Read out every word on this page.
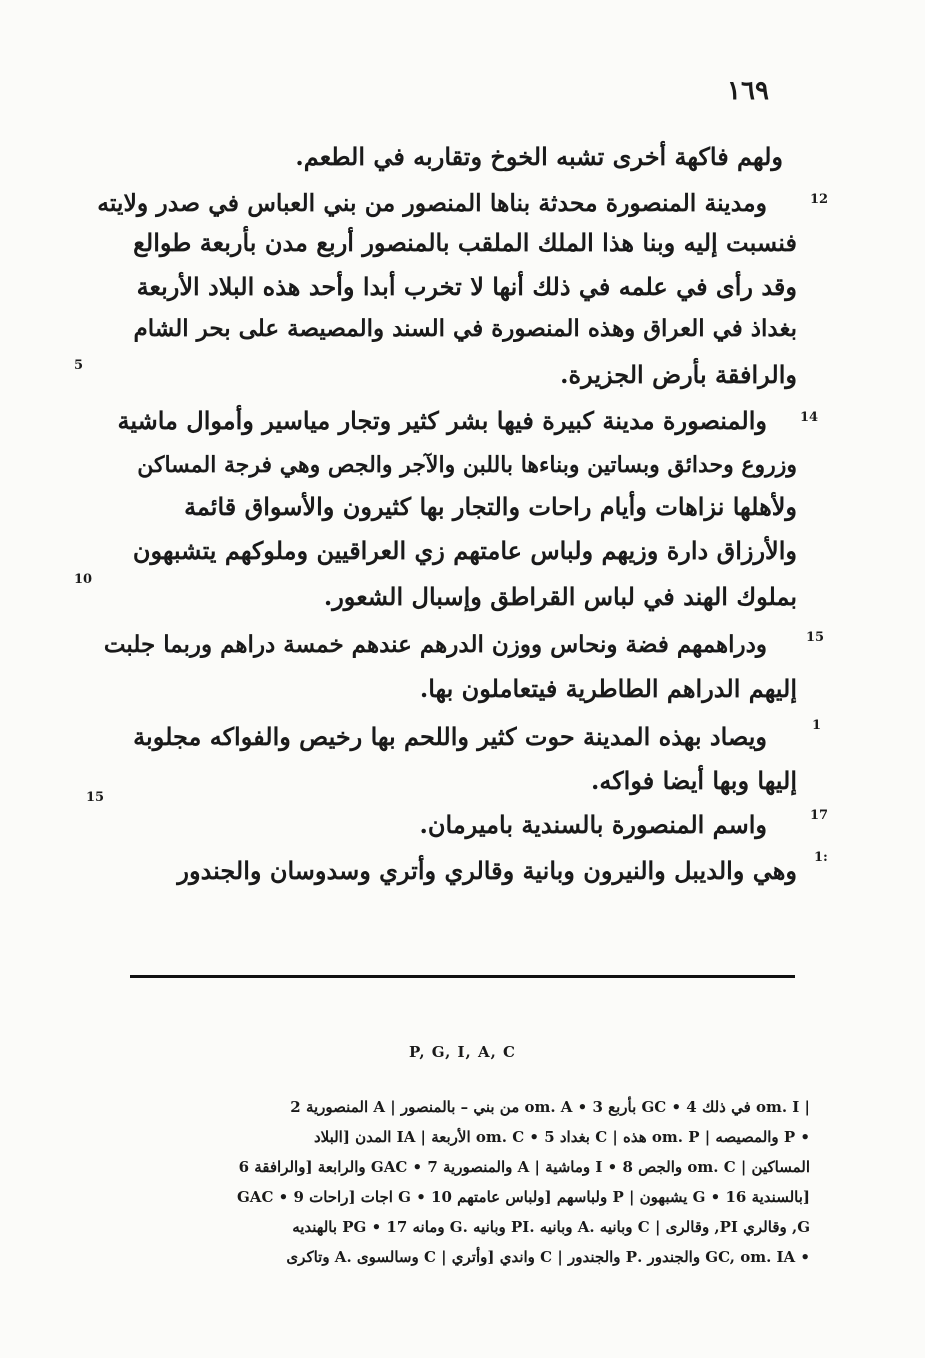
١٦٩
ولهم فاكهة أخرى تشبه الخوخ وتقاربه في الطعم.
ومدينة المنصورة محدثة بناها المنصور من بني العباس في صدر ولايته
فنسبت إليه وبنا هذا الملك الملقب بالمنصور أربع مدن بأربعة طوالع
وقد رأى في علمه في ذلك أنها لا تخرب أبدا وأحد هذه البلاد الأربعة
بغداذ في العراق وهذه المنصورة في السند والمصيصة على بحر الشام
والرافقة بأرض الجزيرة.
والمنصورة مدينة كبيرة فيها بشر كثير وتجار مياسير وأموال ماشية
وزروع وحدائق وبساتين وبناءها باللبن والآجر والجص وهي فرجة المساكن
ولأهلها نزاهات وأيام راحات والتجار بها كثيرون والأسواق قائمة
والأرزاق دارة وزيهم ولباس عامتهم زي العراقيين وملوكهم يتشبهون
بملوك الهند في لباس القراطق وإسبال الشعور.
ودراهمهم فضة ونحاس ووزن الدرهم عندهم خمسة دراهم وربما جلبت
إليهم الدراهم الطاطرية فيتعاملون بها.
ويصاد بهذه المدينة حوت كثير واللحم بها رخيص والفواكه مجلوبة
إليها وبها أيضا فواكه.
واسم المنصورة بالسندية باميرمان.
وهي والديبل والنيرون وبانية وقالري وأتري وسدوسان والجندور
12
5
14
10
15
1
15
17
1:
P, G, I, A, C
| om. I في ذلك 4 • GC بأربع 3 • om. A من بني – بالمنصور | A المنصورية 2
• P والمصيصه | om. P هذه | C بغداد 5 • om. C الأربعة | IA المدن [البلاد
المساكين | om. C والجص 8 • I وماشية | A والمنصورية 7 • GAC والرابعة [والرافقة 6
[بالسندية 16 • G يشبهون | P ولباسهم [ولباس عامتهم 10 • G اجات [راحات 9 • GAC
G, وقالري PI, وقالرى | C وبانيه .A وبانيه .PI وبانيه .G ومانه 17 • PG بالهنديه
• GC, om. IA والجندور .P والجندور | C واندي [وأتري | C وسالسوى .A وتاكرى
